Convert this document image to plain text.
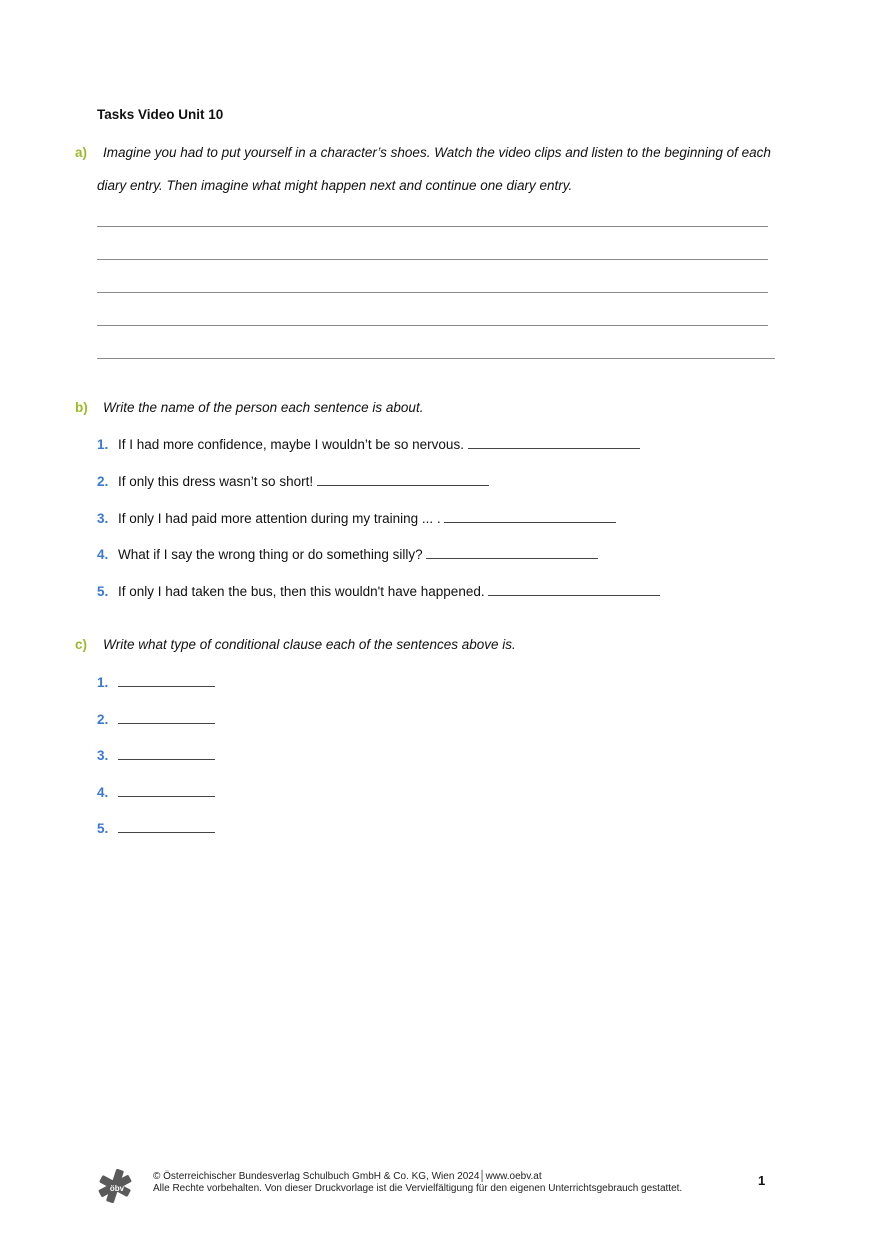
Tasks Video Unit 10
a) Imagine you had to put yourself in a character’s shoes. Watch the video clips and listen to the beginning of each
diary entry. Then imagine what might happen next and continue one diary entry.
b) Write the name of the person each sentence is about.
1. If I had more confidence, maybe I wouldn’t be so nervous.
2. If only this dress wasn’t so short!
3. If only I had paid more attention during my training ... .
4. What if I say the wrong thing or do something silly?
5. If only I had taken the bus, then this wouldn't have happened.
c) Write what type of conditional clause each of the sentences above is.
1.
2.
3.
4.
5.
öbv
© Österreichischer Bundesverlag Schulbuch GmbH & Co. KG, Wien 2024│www.oebv.at
Alle Rechte vorbehalten. Von dieser Druckvorlage ist die Vervielfältigung für den eigenen Unterrichtsgebrauch gestattet.
1
